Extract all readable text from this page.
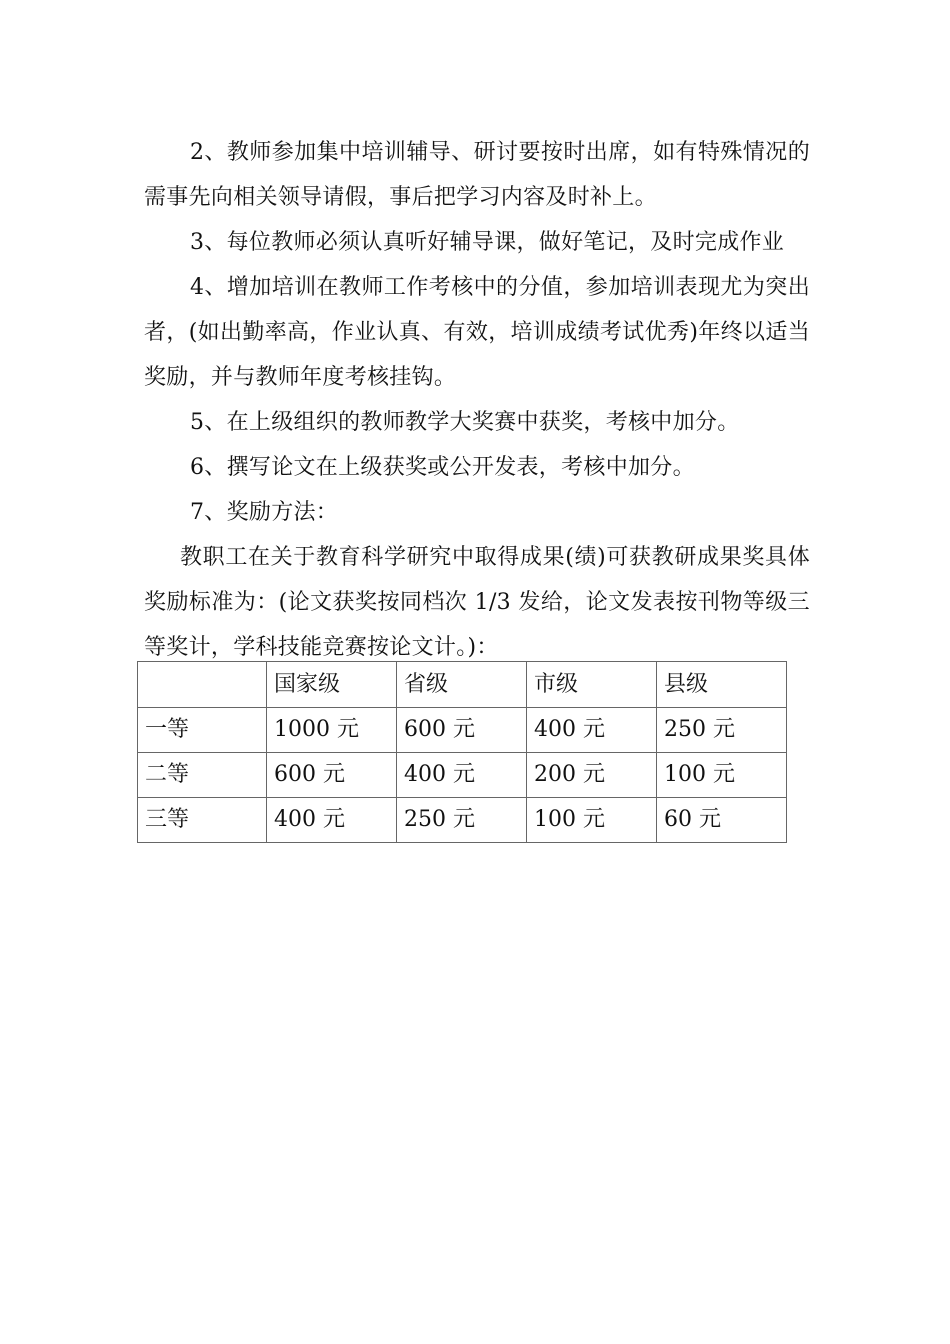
2、教师参加集中培训辅导、研讨要按时出席，如有特殊情况的需事先向相关领导请假，事后把学习内容及时补上。

3、每位教师必须认真听好辅导课，做好笔记，及时完成作业

4、增加培训在教师工作考核中的分值，参加培训表现尤为突出者，(如出勤率高，作业认真、有效，培训成绩考试优秀)年终以适当奖励，并与教师年度考核挂钩。

5、在上级组织的教师教学大奖赛中获奖，考核中加分。

6、撰写论文在上级获奖或公开发表，考核中加分。

7、奖励方法：

教职工在关于教育科学研究中取得成果(绩)可获教研成果奖具体奖励标准为：(论文获奖按同档次 1/3 发给，论文发表按刊物等级三等奖计，学科技能竞赛按论文计。)：

	国家级	省级	市级	县级
一等	1000 元	600 元	400 元	250 元
二等	600 元	400 元	200 元	100 元
三等	400 元	250 元	100 元	60 元
